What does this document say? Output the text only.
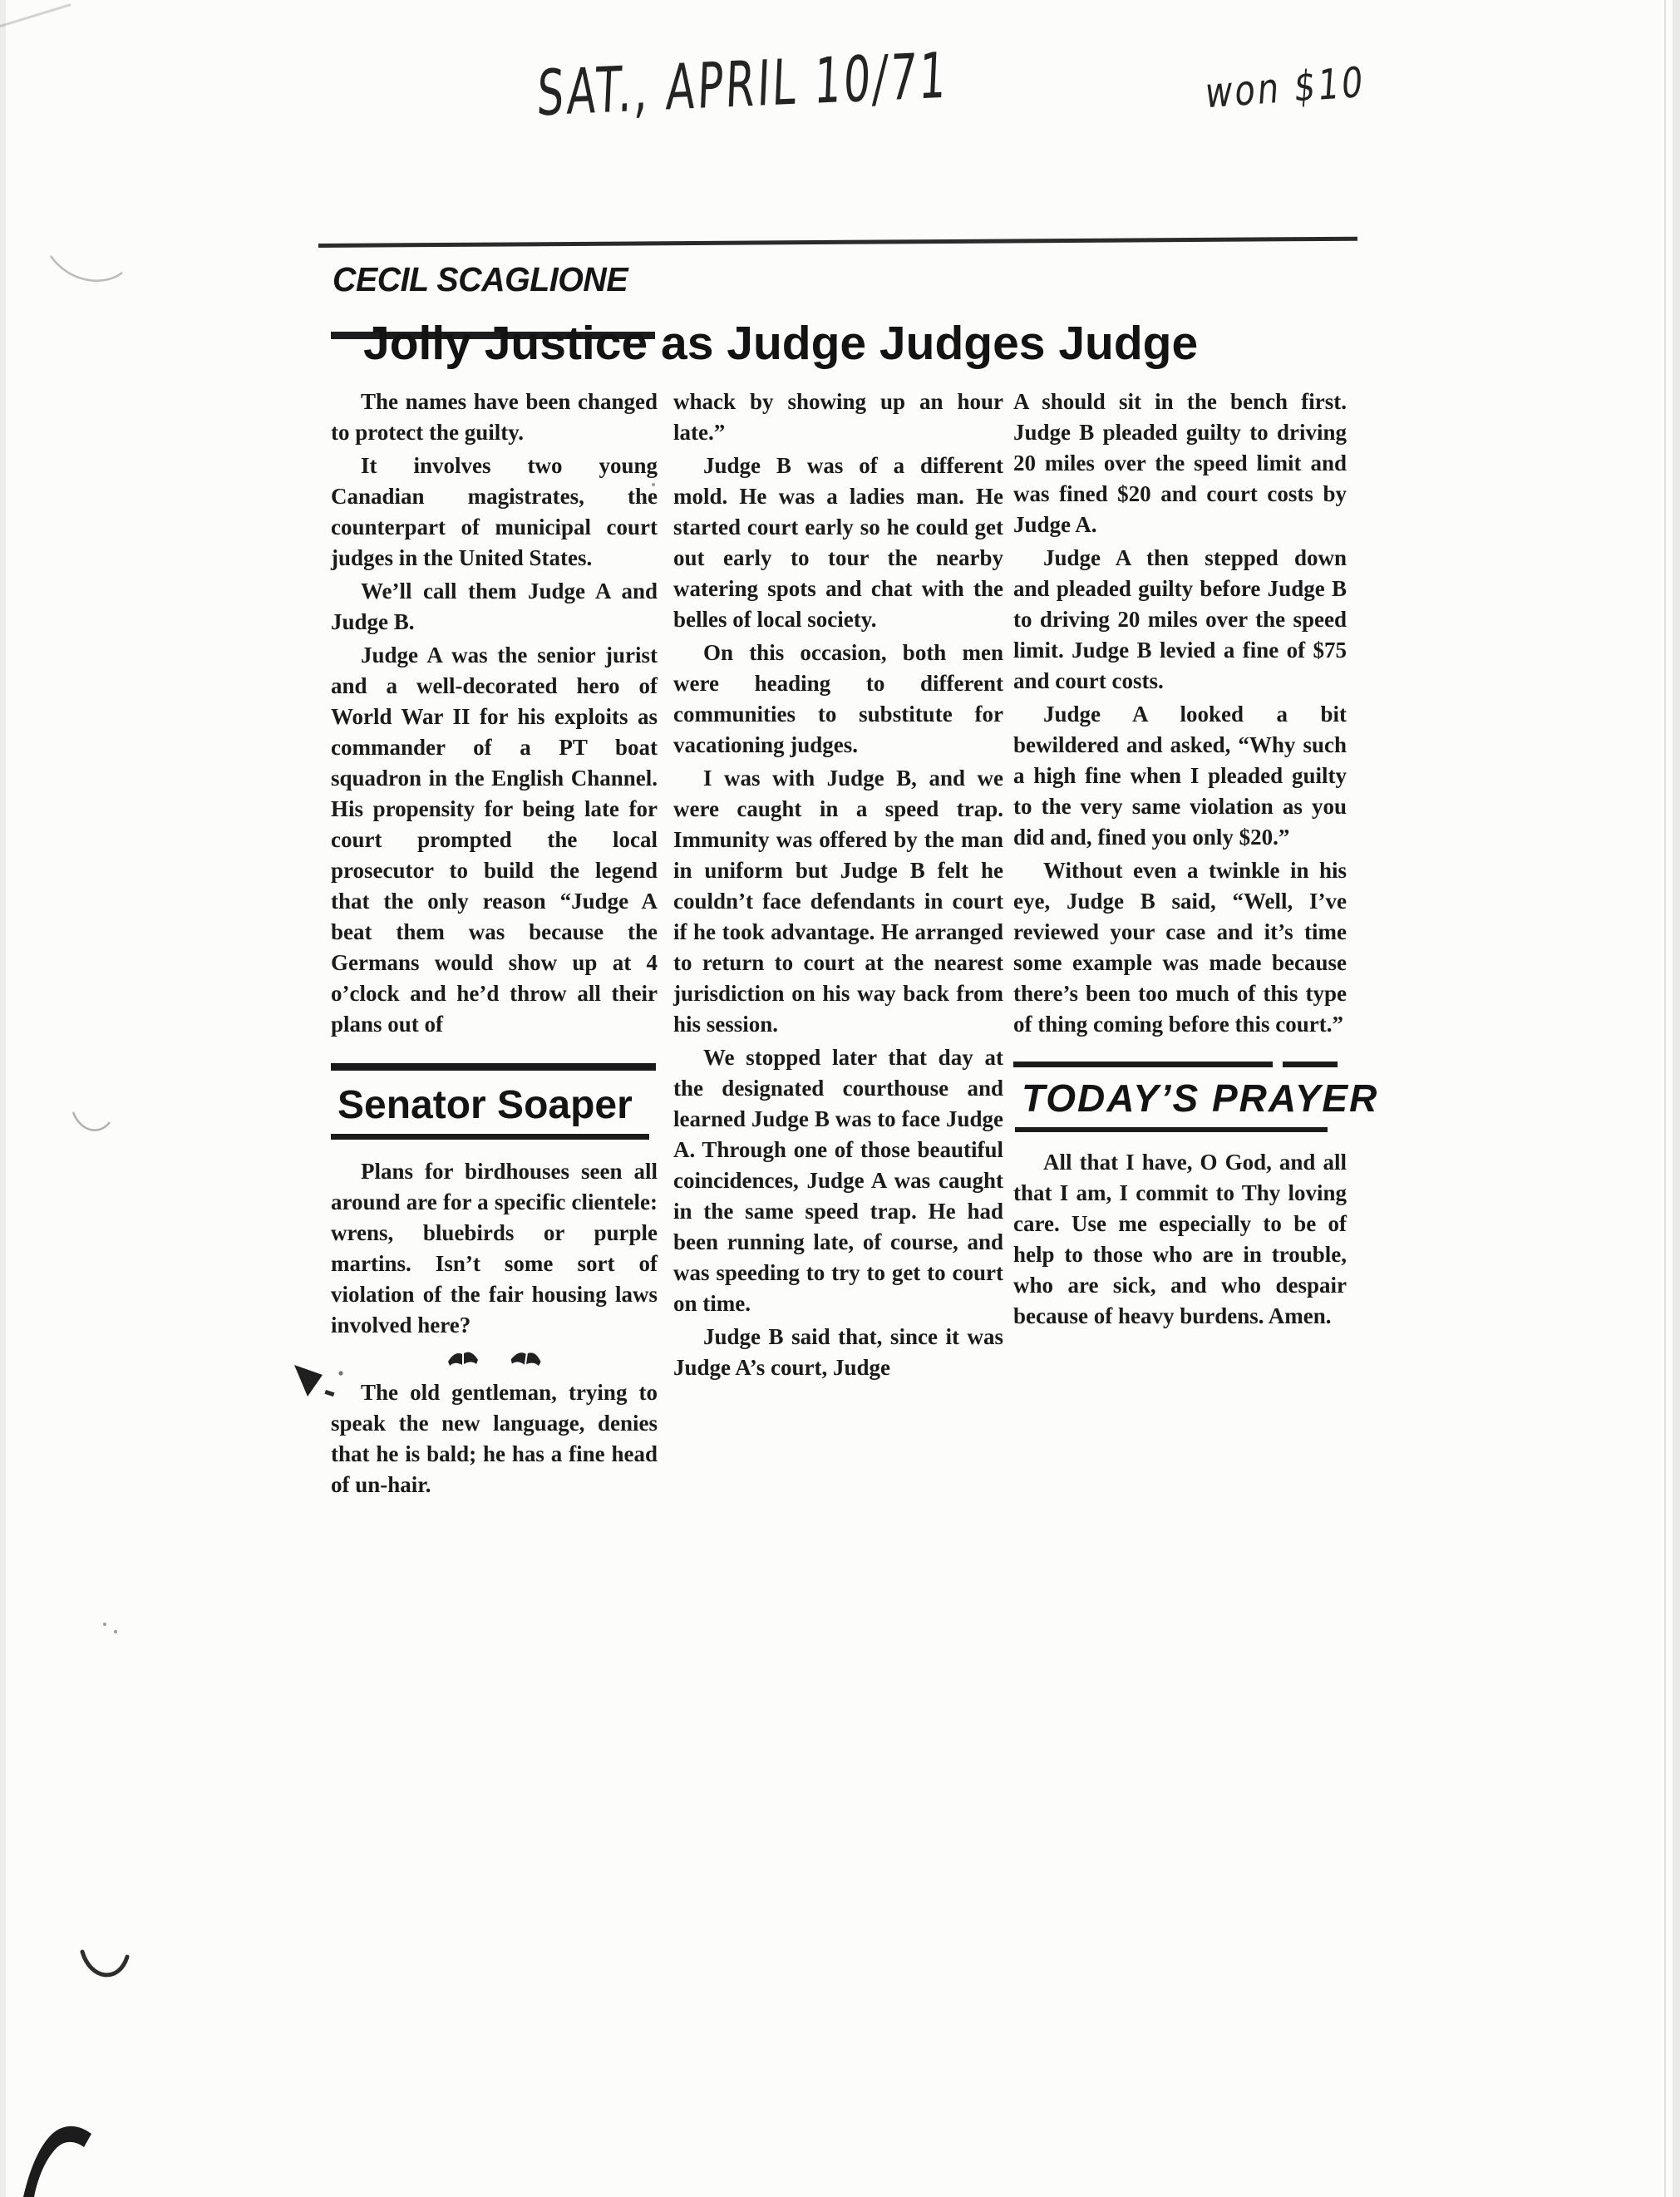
SAT., APRIL 10/71	won $10
CECIL SCAGLIONE
Jolly Justice as Judge Judges Judge

The names have been changed to protect the guilty.

It involves two young Canadian magistrates, the counterpart of municipal court judges in the United States.

We’ll call them Judge A and Judge B.

Judge A was the senior jurist and a well-decorated hero of World War II for his exploits as commander of a PT boat squadron in the English Channel. His propensity for being late for court prompted the local prosecutor to build the legend that the only reason “Judge A beat them was because the Germans would show up at 4 o’clock and he’d throw all their plans out of

Senator Soaper

Plans for birdhouses seen all around are for a specific clientele: wrens, bluebirds or purple martins. Isn’t some sort of violation of the fair housing laws involved here?

The old gentleman, trying to speak the new language, denies that he is bald; he has a fine head of un-hair.

whack by showing up an hour late.”

Judge B was of a different mold. He was a ladies man. He started court early so he could get out early to tour the nearby watering spots and chat with the belles of local society.

On this occasion, both men were heading to different communities to substitute for vacationing judges.

I was with Judge B, and we were caught in a speed trap. Immunity was offered by the man in uniform but Judge B felt he couldn’t face defendants in court if he took advantage. He arranged to return to court at the nearest jurisdiction on his way back from his session.

We stopped later that day at the designated courthouse and learned Judge B was to face Judge A. Through one of those beautiful coincidences, Judge A was caught in the same speed trap. He had been running late, of course, and was speeding to try to get to court on time.

Judge B said that, since it was Judge A’s court, Judge

A should sit in the bench first. Judge B pleaded guilty to driving 20 miles over the speed limit and was fined $20 and court costs by Judge A.

Judge A then stepped down and pleaded guilty before Judge B to driving 20 miles over the speed limit. Judge B levied a fine of $75 and court costs.

Judge A looked a bit bewildered and asked, “Why such a high fine when I pleaded guilty to the very same violation as you did and, fined you only $20.”

Without even a twinkle in his eye, Judge B said, “Well, I’ve reviewed your case and it’s time some example was made because there’s been too much of this type of thing coming before this court.”

TODAY’S PRAYER

All that I have, O God, and all that I am, I commit to Thy loving care. Use me especially to be of help to those who are in trouble, who are sick, and who despair because of heavy burdens. Amen.
